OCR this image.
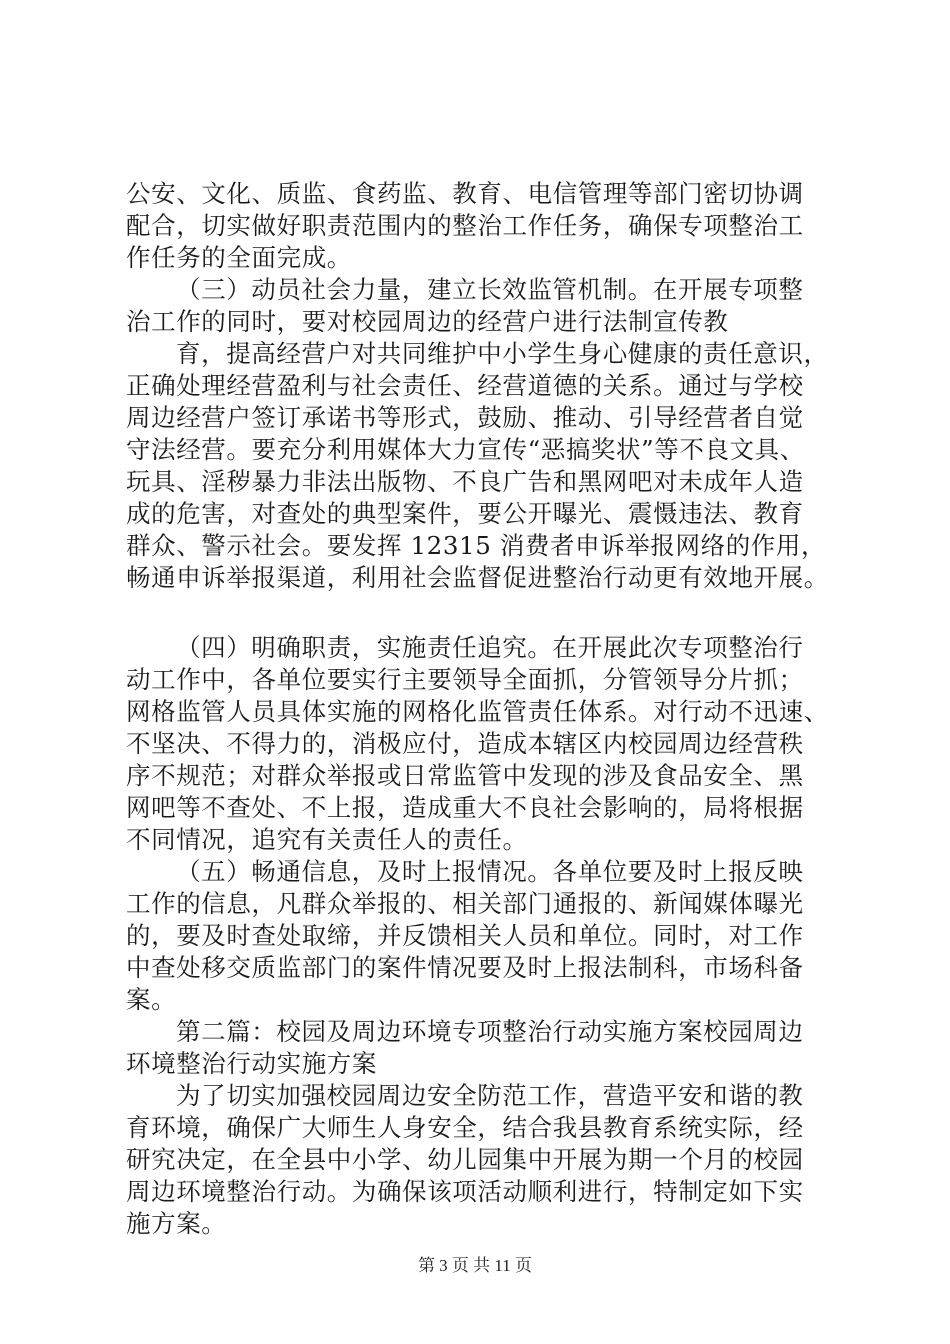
公安、文化、质监、食药监、教育、电信管理等部门密切协调
配合，切实做好职责范围内的整治工作任务，确保专项整治工
作任务的全面完成。
（三）动员社会力量，建立长效监管机制。在开展专项整
治工作的同时，要对校园周边的经营户进行法制宣传教
育，提高经营户对共同维护中小学生身心健康的责任意识，
正确处理经营盈利与社会责任、经营道德的关系。通过与学校
周边经营户签订承诺书等形式，鼓励、推动、引导经营者自觉
守法经营。要充分利用媒体大力宣传“恶搞奖状”等不良文具、
玩具、淫秽暴力非法出版物、不良广告和黑网吧对未成年人造
成的危害，对查处的典型案件，要公开曝光、震慑违法、教育
群众、警示社会。要发挥 12315 消费者申诉举报网络的作用，
畅通申诉举报渠道，利用社会监督促进整治行动更有效地开展。
（四）明确职责，实施责任追究。在开展此次专项整治行
动工作中，各单位要实行主要领导全面抓，分管领导分片抓；
网格监管人员具体实施的网格化监管责任体系。对行动不迅速、
不坚决、不得力的，消极应付，造成本辖区内校园周边经营秩
序不规范；对群众举报或日常监管中发现的涉及食品安全、黑
网吧等不查处、不上报，造成重大不良社会影响的，局将根据
不同情况，追究有关责任人的责任。
（五）畅通信息，及时上报情况。各单位要及时上报反映
工作的信息，凡群众举报的、相关部门通报的、新闻媒体曝光
的，要及时查处取缔，并反馈相关人员和单位。同时，对工作
中查处移交质监部门的案件情况要及时上报法制科，市场科备
案。
第二篇：校园及周边环境专项整治行动实施方案校园周边
环境整治行动实施方案
为了切实加强校园周边安全防范工作，营造平安和谐的教
育环境，确保广大师生人身安全，结合我县教育系统实际，经
研究决定，在全县中小学、幼儿园集中开展为期一个月的校园
周边环境整治行动。为确保该项活动顺利进行，特制定如下实
施方案。
第 3 页 共 11 页
